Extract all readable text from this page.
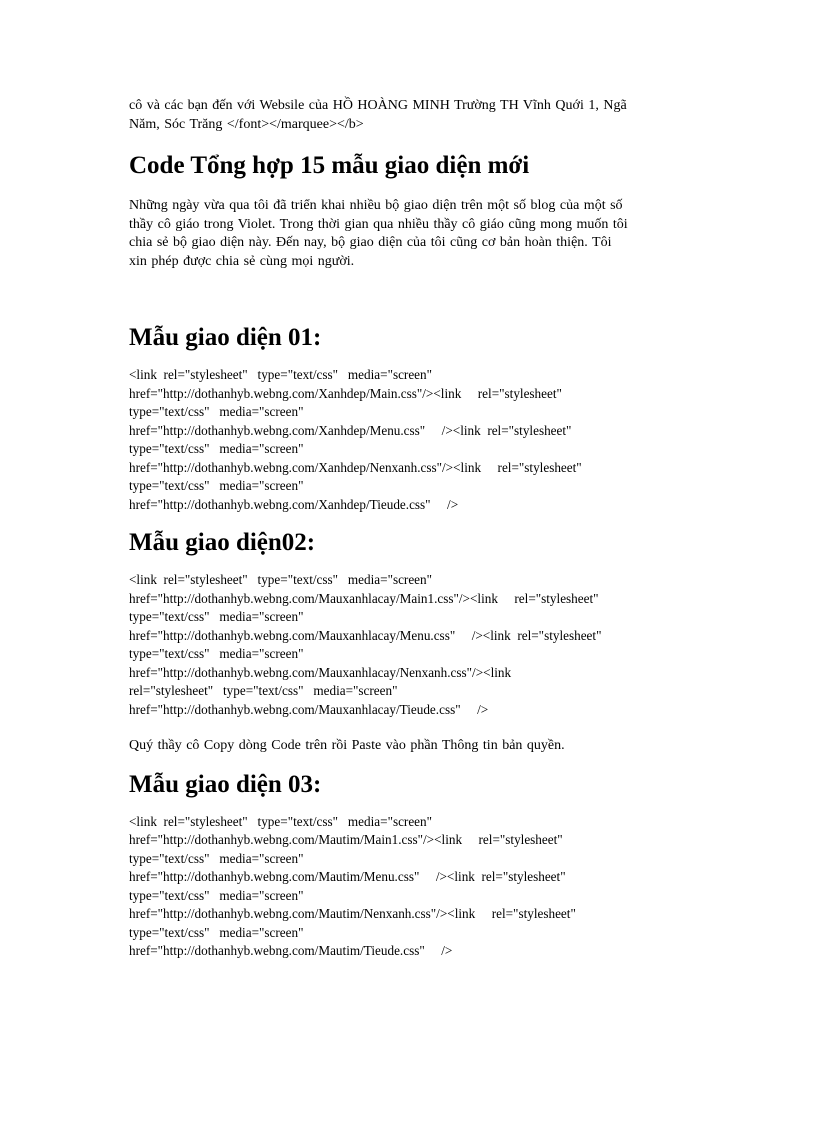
cô và các bạn đến với Websile của HỒ HOÀNG MINH Trường TH Vĩnh Quới 1, Ngã
Năm, Sóc Trăng </font></marquee></b>

Code Tổng hợp 15 mẫu giao diện mới

Những ngày vừa qua tôi đã triển khai nhiều bộ giao diện trên một số blog của một số
thầy cô giáo trong Violet. Trong thời gian qua nhiều thầy cô giáo cũng mong muốn tôi
chia sẻ bộ giao diện này. Đến nay, bộ giao diện của tôi cũng cơ bản hoàn thiện. Tôi
xin phép được chia sẻ cùng mọi người.

Mẫu giao diện 01:
<link  rel="stylesheet"   type="text/css"   media="screen"
href="http://dothanhyb.webng.com/Xanhdep/Main.css"/><link     rel="stylesheet"
type="text/css"   media="screen"
href="http://dothanhyb.webng.com/Xanhdep/Menu.css"     /><link  rel="stylesheet"
type="text/css"   media="screen"
href="http://dothanhyb.webng.com/Xanhdep/Nenxanh.css"/><link     rel="stylesheet"
type="text/css"   media="screen"
href="http://dothanhyb.webng.com/Xanhdep/Tieude.css"     />
Mẫu giao diện02:
<link  rel="stylesheet"   type="text/css"   media="screen"
href="http://dothanhyb.webng.com/Mauxanhlacay/Main1.css"/><link     rel="stylesheet"
type="text/css"   media="screen"
href="http://dothanhyb.webng.com/Mauxanhlacay/Menu.css"     /><link  rel="stylesheet"
type="text/css"   media="screen"
href="http://dothanhyb.webng.com/Mauxanhlacay/Nenxanh.css"/><link
rel="stylesheet"   type="text/css"   media="screen"
href="http://dothanhyb.webng.com/Mauxanhlacay/Tieude.css"     />

Quý thầy cô Copy dòng Code trên rồi Paste vào phần Thông tin bản quyền.

Mẫu giao diện 03:
<link  rel="stylesheet"   type="text/css"   media="screen"
href="http://dothanhyb.webng.com/Mautim/Main1.css"/><link     rel="stylesheet"
type="text/css"   media="screen"
href="http://dothanhyb.webng.com/Mautim/Menu.css"     /><link  rel="stylesheet"
type="text/css"   media="screen"
href="http://dothanhyb.webng.com/Mautim/Nenxanh.css"/><link     rel="stylesheet"
type="text/css"   media="screen"
href="http://dothanhyb.webng.com/Mautim/Tieude.css"     />
